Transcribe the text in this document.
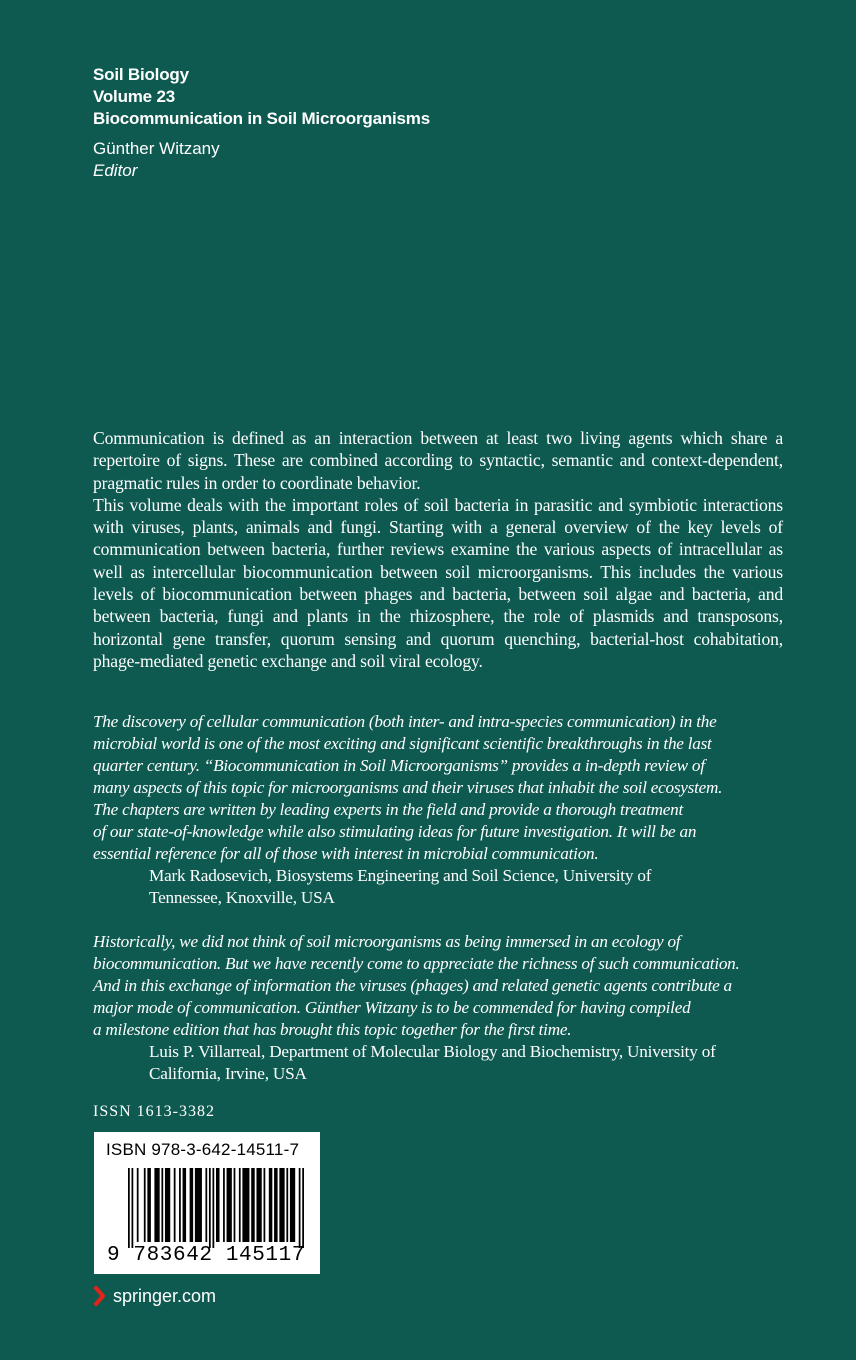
Soil Biology
Volume 23
Biocommunication in Soil Microorganisms
Günther Witzany
Editor

Communication is defined as an interaction between at least two living agents which share a repertoire of signs. These are combined according to syntactic, semantic and context-dependent, pragmatic rules in order to coordinate behavior.

This volume deals with the important roles of soil bacteria in parasitic and symbiotic interactions with viruses, plants, animals and fungi. Starting with a general overview of the key levels of communication between bacteria, further reviews examine the various aspects of intracellular as well as intercellular biocommunication between soil microorganisms. This includes the various levels of biocommunication between phages and bacteria, between soil algae and bacteria, and between bacteria, fungi and plants in the rhizosphere, the role of plasmids and transposons, horizontal gene transfer, quorum sensing and quorum quenching, bacterial-host cohabitation, phage-mediated genetic exchange and soil viral ecology.

The discovery of cellular communication (both inter- and intra-species communication) in the
microbial world is one of the most exciting and significant scientific breakthroughs in the last
quarter century. “Biocommunication in Soil Microorganisms” provides a in-depth review of
many aspects of this topic for microorganisms and their viruses that inhabit the soil ecosystem.
The chapters are written by leading experts in the field and provide a thorough treatment
of our state-of-knowledge while also stimulating ideas for future investigation. It will be an
essential reference for all of those with interest in microbial communication.
Mark Radosevich, Biosystems Engineering and Soil Science, University of
Tennessee, Knoxville, USA
Historically, we did not think of soil microorganisms as being immersed in an ecology of
biocommunication. But we have recently come to appreciate the richness of such communication.
And in this exchange of information the viruses (phages) and related genetic agents contribute a
major mode of communication. Günther Witzany is to be commended for having compiled
a milestone edition that has brought this topic together for the first time.
Luis P. Villarreal, Department of Molecular Biology and Biochemistry, University of
California, Irvine, USA
ISSN 1613-3382
ISBN 978-3-642-14511-7
9 783642 145117
springer.com
